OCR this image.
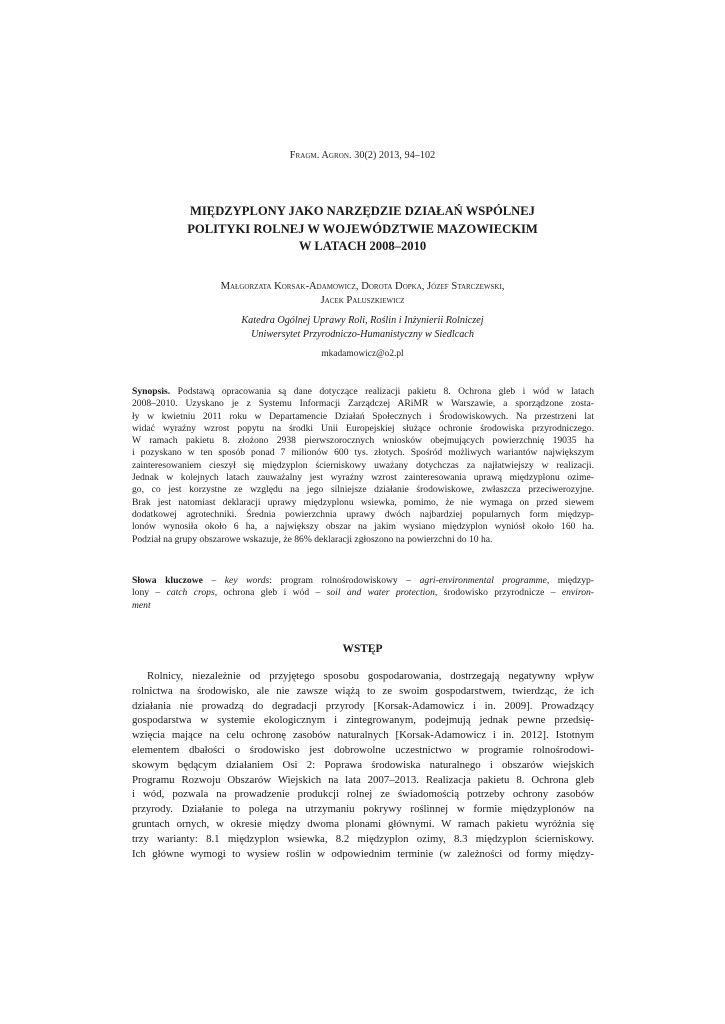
Fragm. Agron. 30(2) 2013, 94–102
MIĘDZYPLONY JAKO NARZĘDZIE DZIAŁAŃ WSPÓLNEJ
POLITYKI ROLNEJ W WOJEWÓDZTWIE MAZOWIECKIM
W LATACH 2008–2010
Małgorzata Korsak-Adamowicz, Dorota Dopka, Józef Starczewski,
Jacek Paluszkiewicz
Katedra Ogólnej Uprawy Roli, Roślin i Inżynierii Rolniczej
Uniwersytet Przyrodniczo-Humanistyczny w Siedlcach
mkadamowicz@o2.pl
Synopsis. Podstawą opracowania są dane dotyczące realizacji pakietu 8. Ochrona gleb i wód w latach
2008–2010. Uzyskano je z Systemu Informacji Zarządczej ARiMR w Warszawie, a sporządzone zosta-
ły w kwietniu 2011 roku w Departamencie Działań Społecznych i Środowiskowych. Na przestrzeni lat
widać wyraźny wzrost popytu na środki Unii Europejskiej służące ochronie środowiska przyrodniczego.
W ramach pakietu 8. złożono 2938 pierwszorocznych wniosków obejmujących powierzchnię 19035 ha
i pozyskano w ten sposób ponad 7 milionów 600 tys. złotych. Spośród możliwych wariantów największym
zainteresowaniem cieszył się międzyplon ścierniskowy uważany dotychczas za najłatwiejszy w realizacji.
Jednak w kolejnych latach zauważalny jest wyraźny wzrost zainteresowania uprawą międzyplonu ozime-
go, co jest korzystne ze względu na jego silniejsze działanie środowiskowe, zwłaszcza przeciwerozyjne.
Brak jest natomiast deklaracji uprawy międzyplonu wsiewka, pomimo, że nie wymaga on przed siewem
dodatkowej agrotechniki. Średnia powierzchnia uprawy dwóch najbardziej popularnych form międzyp-
lonów wynosiła około 6 ha, a największy obszar na jakim wysiano międzyplon wyniósł około 160 ha.
Podział na grupy obszarowe wskazuje, że 86% deklaracji zgłoszono na powierzchni do 10 ha.
Słowa kluczowe – key words: program rolnośrodowiskowy – agri-environmental programme, międzyp-
lony – catch crops, ochrona gleb i wód – soil and water protection, środowisko przyrodnicze – environ-
ment
WSTĘP
Rolnicy, niezależnie od przyjętego sposobu gospodarowania, dostrzegają negatywny wpływ
rolnictwa na środowisko, ale nie zawsze wiążą to ze swoim gospodarstwem, twierdząc, że ich
działania nie prowadzą do degradacji przyrody [Korsak-Adamowicz i in. 2009]. Prowadzący
gospodarstwa w systemie ekologicznym i zintegrowanym, podejmują jednak pewne przedsię-
wzięcia mające na celu ochronę zasobów naturalnych [Korsak-Adamowicz i in. 2012]. Istotnym
elementem dbałości o środowisko jest dobrowolne uczestnictwo w programie rolnośrodowi-
skowym będącym działaniem Osi 2: Poprawa środowiska naturalnego i obszarów wiejskich
Programu Rozwoju Obszarów Wiejskich na lata 2007–2013. Realizacja pakietu 8. Ochrona gleb
i wód, pozwala na prowadzenie produkcji rolnej ze świadomością potrzeby ochrony zasobów
przyrody. Działanie to polega na utrzymaniu pokrywy roślinnej w formie międzyplonów na
gruntach ornych, w okresie między dwoma plonami głównymi. W ramach pakietu wyróżnia się
trzy warianty: 8.1 międzyplon wsiewka, 8.2 międzyplon ozimy, 8.3 międzyplon ścierniskowy.
Ich główne wymogi to wysiew roślin w odpowiednim terminie (w zależności od formy między-
